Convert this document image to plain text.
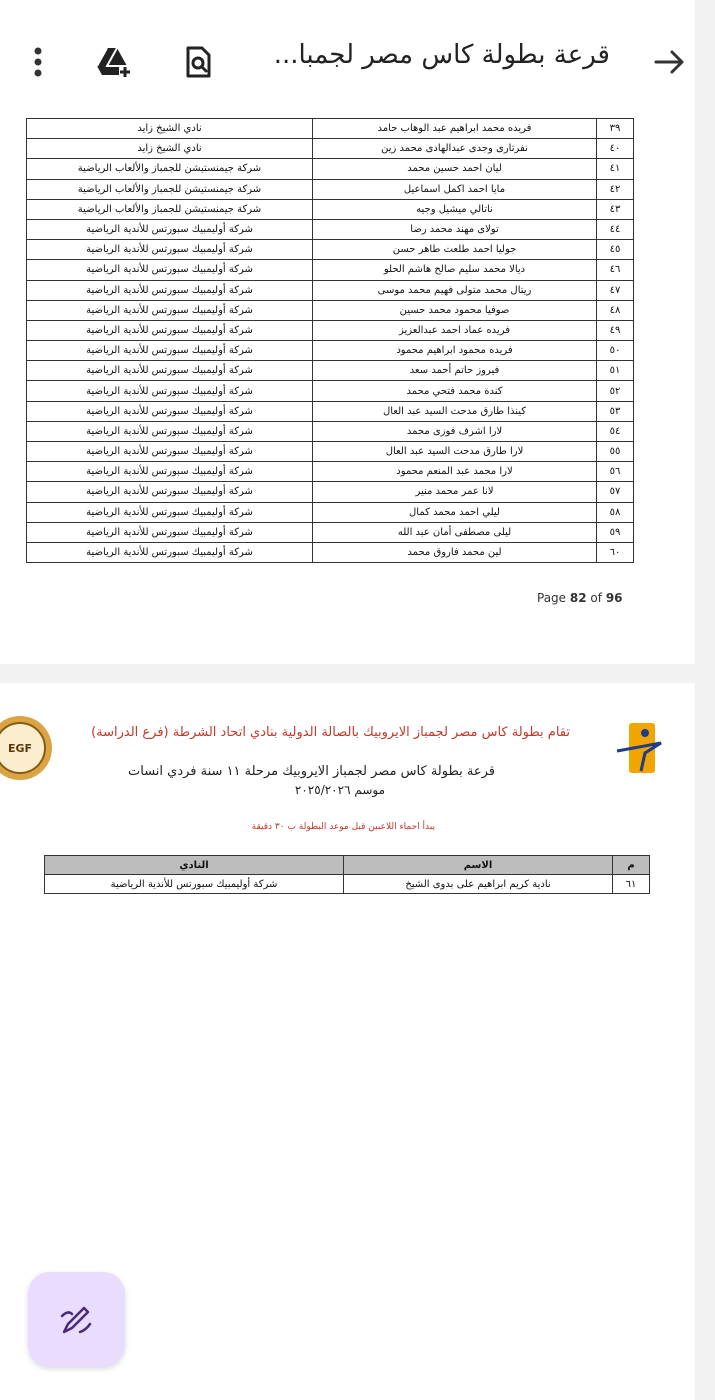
قرعة بطولة كاس مصر لجمبا...
٣٩	فريده محمد ابراهيم عبد الوهاب حامد	نادي الشيخ زايد
٤٠	نفرتارى وجدى عبدالهادى محمد زين	نادي الشيخ زايد
٤١	ليان احمد حسين محمد	شركة جيمنستيشن للجمباز والألعاب الرياضية
٤٢	مايا احمد اكمل اسماعيل	شركة جيمنستيشن للجمباز والألعاب الرياضية
٤٣	ناتالي ميشيل وجيه	شركة جيمنستيشن للجمباز والألعاب الرياضية
٤٤	تولاى مهند محمد رضا	شركة أوليمبيك سبورتس للأندية الرياضية
٤٥	جوليا احمد طلعت طاهر حسن	شركة أوليمبيك سبورتس للأندية الرياضية
٤٦	ديالا محمد سليم صالح هاشم الحلو	شركة أوليمبيك سبورتس للأندية الرياضية
٤٧	ريتال محمد متولى فهيم محمد موسى	شركة أوليمبيك سبورتس للأندية الرياضية
٤٨	صوفيا محمود محمد حسين	شركة أوليمبيك سبورتس للأندية الرياضية
٤٩	فريده عماد احمد عبدالعزيز	شركة أوليمبيك سبورتس للأندية الرياضية
٥٠	فريده محمود ابراهيم محمود	شركة أوليمبيك سبورتس للأندية الرياضية
٥١	فيروز حاتم أحمد سعد	شركة أوليمبيك سبورتس للأندية الرياضية
٥٢	كندة محمد فتحي محمد	شركة أوليمبيك سبورتس للأندية الرياضية
٥٣	كينذا طارق مدحت السيد عبد العال	شركة أوليمبيك سبورتس للأندية الرياضية
٥٤	لارا اشرف فوزى محمد	شركة أوليمبيك سبورتس للأندية الرياضية
٥٥	لارا طارق مدحت السيد عبد العال	شركة أوليمبيك سبورتس للأندية الرياضية
٥٦	لارا محمد عبد المنعم محمود	شركة أوليمبيك سبورتس للأندية الرياضية
٥٧	لانا عمر محمد منير	شركة أوليمبيك سبورتس للأندية الرياضية
٥٨	ليلي احمد محمد كمال	شركة أوليمبيك سبورتس للأندية الرياضية
٥٩	ليلى مصطفى أمان عبد الله	شركة أوليمبيك سبورتس للأندية الرياضية
٦٠	لين محمد فاروق محمد	شركة أوليمبيك سبورتس للأندية الرياضية
Page 82 of 96
EGF
تقام بطولة كاس مصر لجمباز الايروبيك بالصالة الدولية بنادي اتحاد الشرطة (فرع الدراسة)
قرعة بطولة كاس مصر لجمباز الايروبيك مرحلة ١١ سنة فردي انسات
موسم ٢٠٢٥/٢٠٢٦
يبدأ احماء اللاعبين قبل موعد البطولة ب ٣٠ دقيقة
م	الاسم	النادي
٦١	نادية كريم ابراهيم على بدوى الشيخ	شركة أوليمبيك سبورتس للأندية الرياضية
